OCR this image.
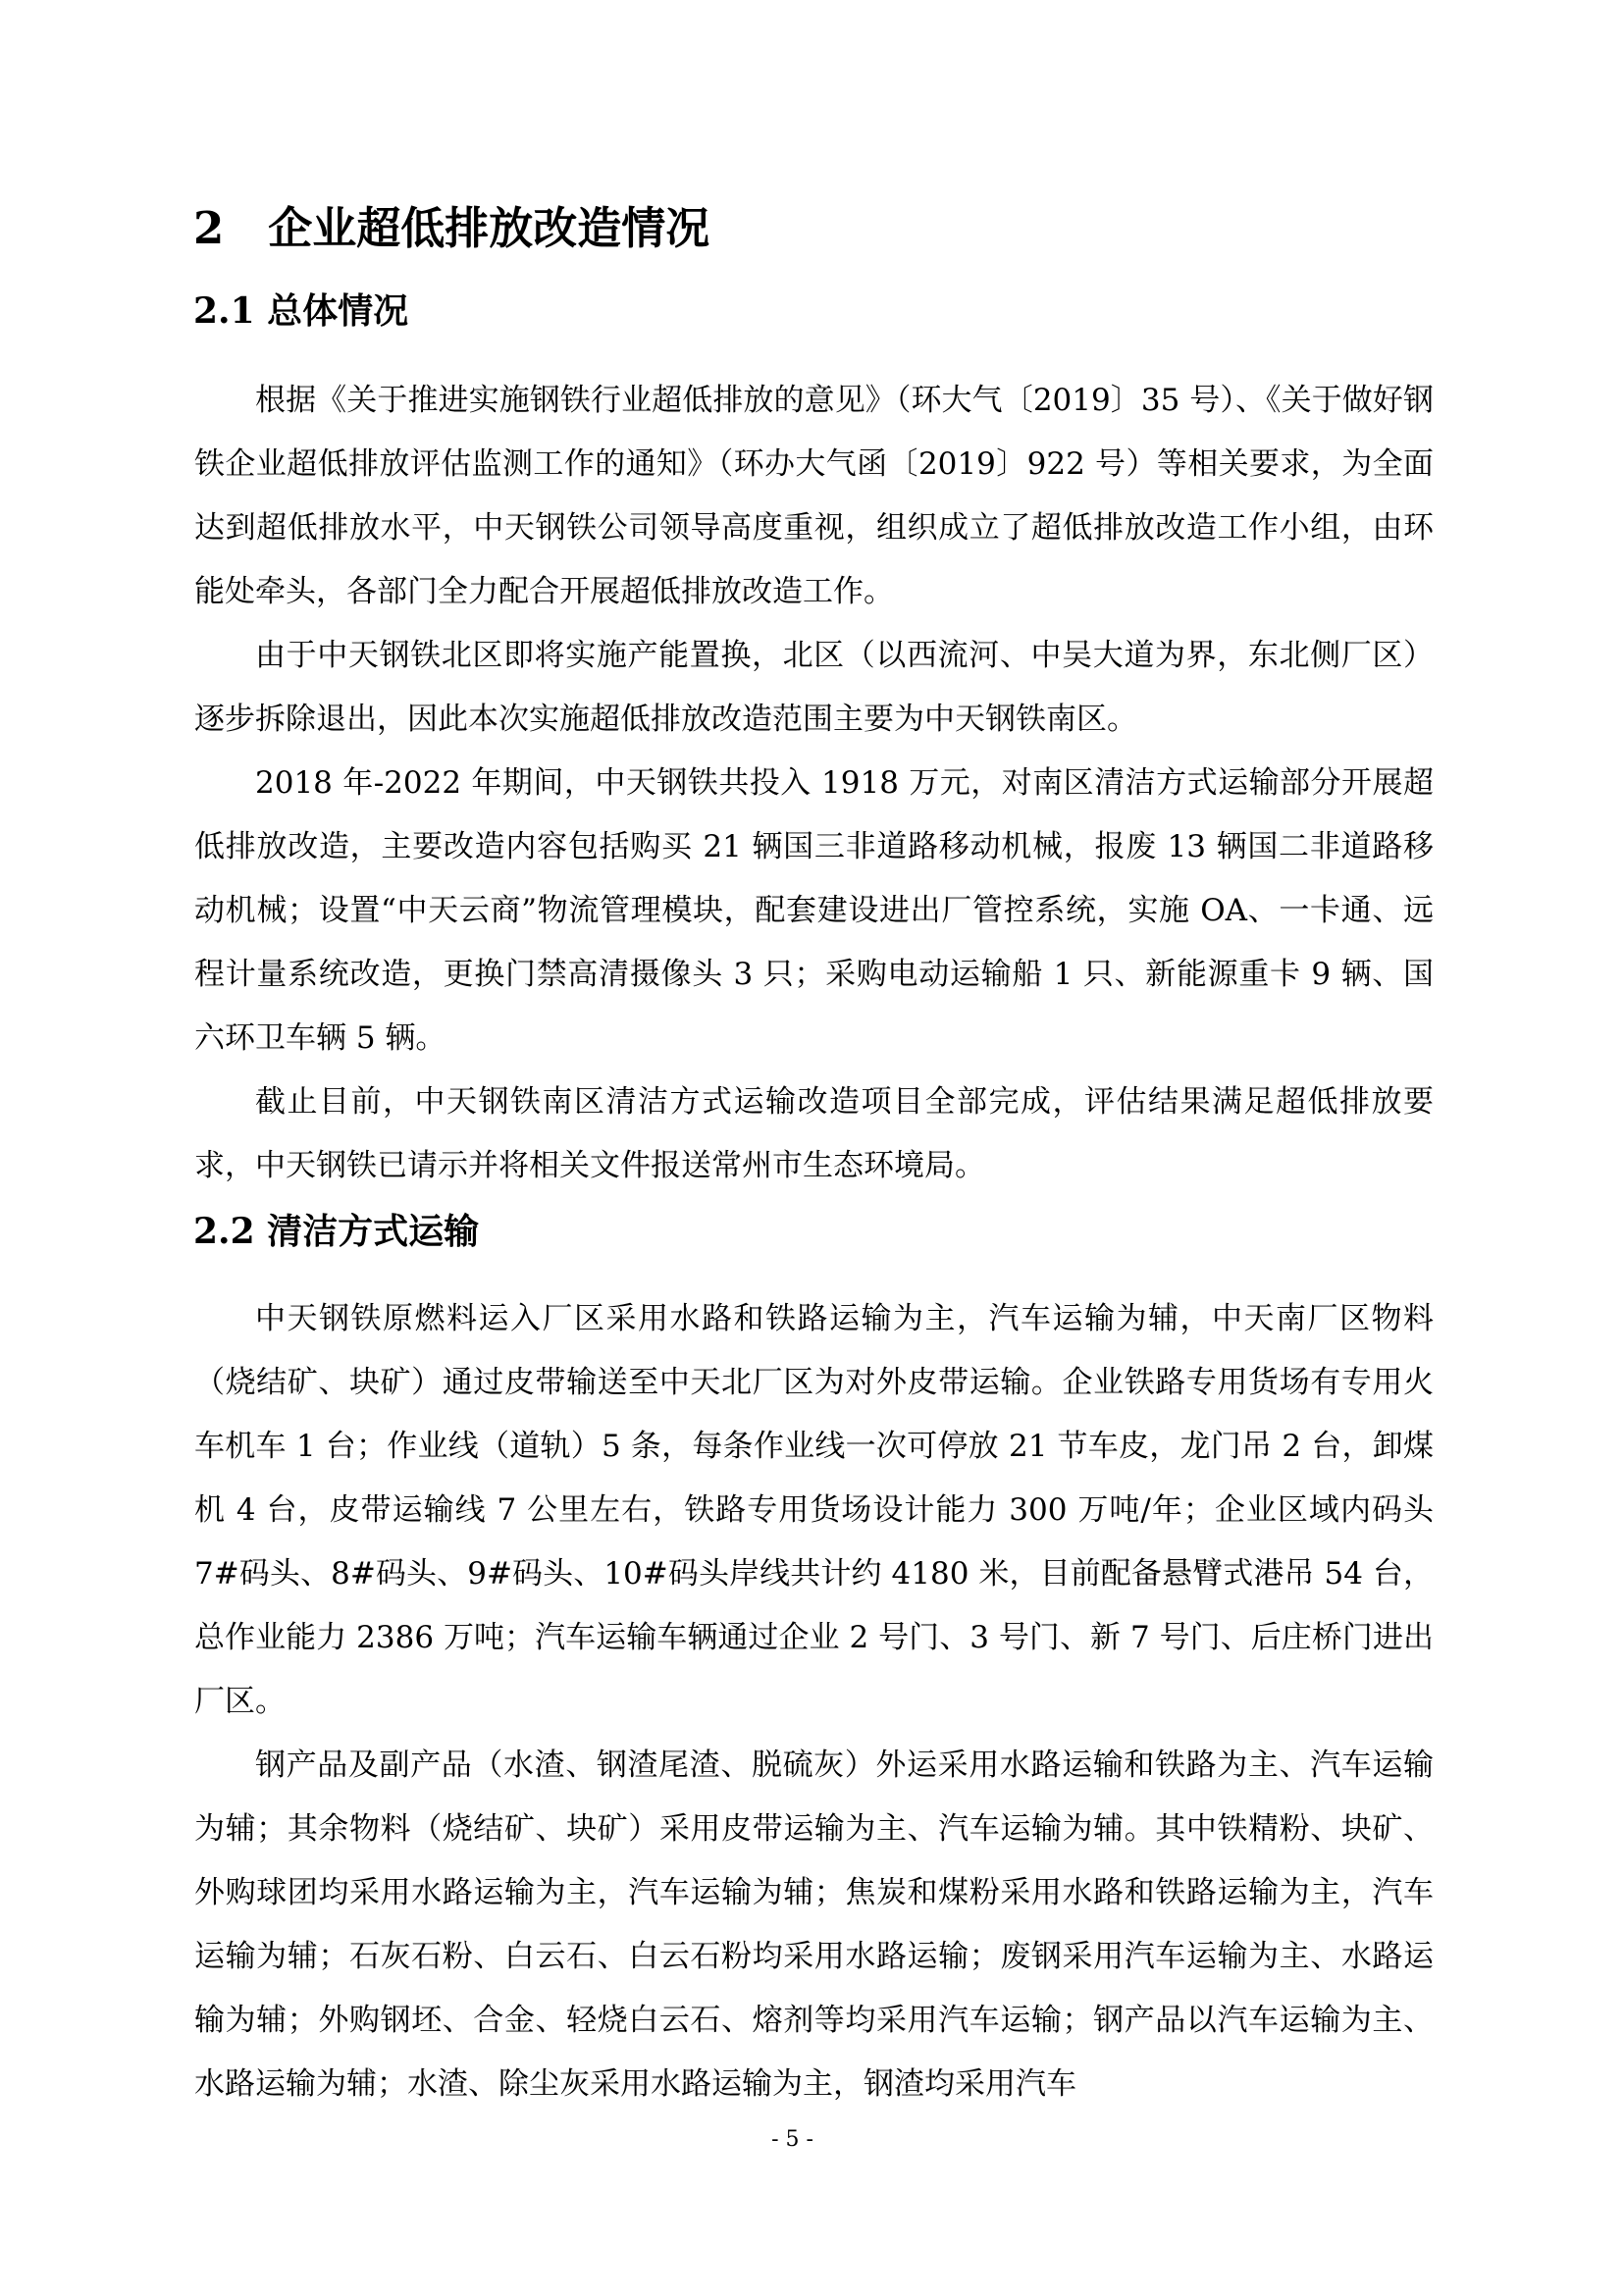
2　企业超低排放改造情况
2.1 总体情况

根据《关于推进实施钢铁行业超低排放的意见》（环大气〔2019〕35 号）、《关于做好钢铁企业超低排放评估监测工作的通知》（环办大气函〔2019〕922 号）等相关要求，为全面达到超低排放水平，中天钢铁公司领导高度重视，组织成立了超低排放改造工作小组，由环能处牵头，各部门全力配合开展超低排放改造工作。

由于中天钢铁北区即将实施产能置换，北区（以西流河、中吴大道为界，东北侧厂区）逐步拆除退出，因此本次实施超低排放改造范围主要为中天钢铁南区。

2018 年-2022 年期间，中天钢铁共投入 1918 万元，对南区清洁方式运输部分开展超低排放改造，主要改造内容包括购买 21 辆国三非道路移动机械，报废 13 辆国二非道路移动机械；设置“中天云商”物流管理模块，配套建设进出厂管控系统，实施 OA、一卡通、远程计量系统改造，更换门禁高清摄像头 3 只；采购电动运输船 1 只、新能源重卡 9 辆、国六环卫车辆 5 辆。

截止目前，中天钢铁南区清洁方式运输改造项目全部完成，评估结果满足超低排放要求，中天钢铁已请示并将相关文件报送常州市生态环境局。

2.2 清洁方式运输

中天钢铁原燃料运入厂区采用水路和铁路运输为主，汽车运输为辅，中天南厂区物料（烧结矿、块矿）通过皮带输送至中天北厂区为对外皮带运输。企业铁路专用货场有专用火车机车 1 台；作业线（道轨）5 条，每条作业线一次可停放 21 节车皮，龙门吊 2 台，卸煤机 4 台，皮带运输线 7 公里左右，铁路专用货场设计能力 300 万吨/年；企业区域内码头 7#码头、8#码头、9#码头、10#码头岸线共计约 4180 米，目前配备悬臂式港吊 54 台，总作业能力 2386 万吨；汽车运输车辆通过企业 2 号门、3 号门、新 7 号门、后庄桥门进出厂区。

钢产品及副产品（水渣、钢渣尾渣、脱硫灰）外运采用水路运输和铁路为主、汽车运输为辅；其余物料（烧结矿、块矿）采用皮带运输为主、汽车运输为辅。其中铁精粉、块矿、外购球团均采用水路运输为主，汽车运输为辅；焦炭和煤粉采用水路和铁路运输为主，汽车运输为辅；石灰石粉、白云石、白云石粉均采用水路运输；废钢采用汽车运输为主、水路运输为辅；外购钢坯、合金、轻烧白云石、熔剂等均采用汽车运输；钢产品以汽车运输为主、水路运输为辅；水渣、除尘灰采用水路运输为主，钢渣均采用汽车

- 5 -
